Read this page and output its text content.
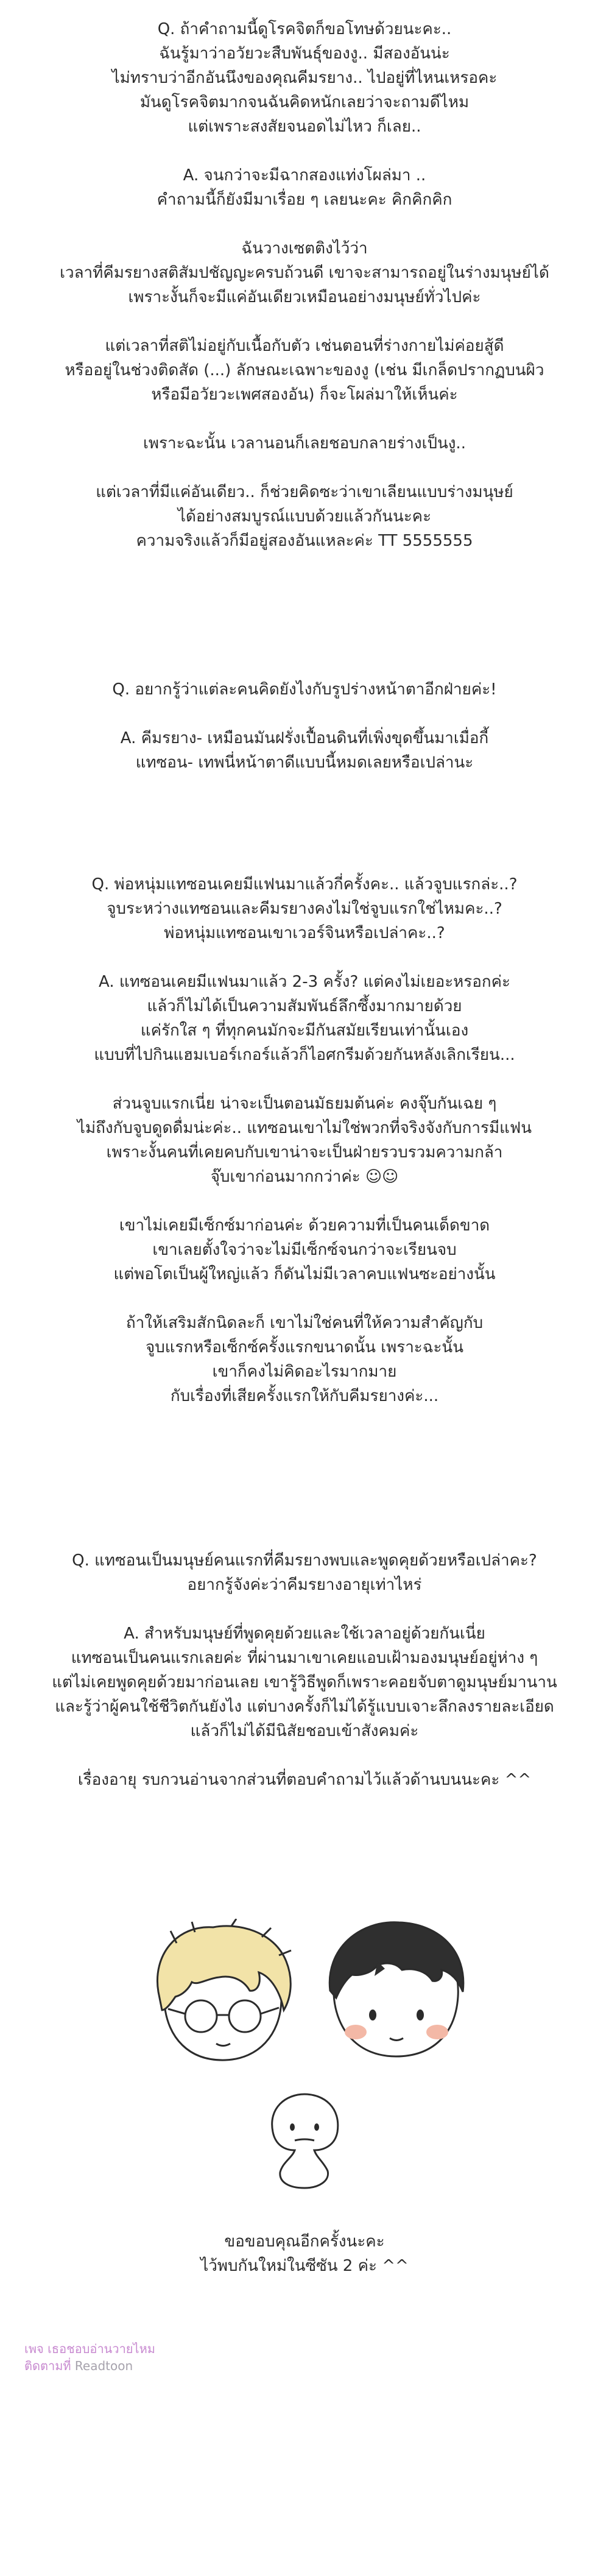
Q. ถ้าคำถามนี้ดูโรคจิตก็ขอโทษด้วยนะคะ..

ฉันรู้มาว่าอวัยวะสืบพันธุ์ของงู.. มีสองอันน่ะ

ไม่ทราบว่าอีกอันนึงของคุณคีมรยาง.. ไปอยู่ที่ไหนเหรอคะ

มันดูโรคจิตมากจนฉันคิดหนักเลยว่าจะถามดีไหม

แต่เพราะสงสัยจนอดไม่ไหว ก็เลย..

A. จนกว่าจะมีฉากสองแท่งโผล่มา ..

คำถามนี้ก็ยังมีมาเรื่อย ๆ เลยนะคะ คิกคิกคิก

ฉันวางเซตติงไว้ว่า

เวลาที่คีมรยางสติสัมปชัญญะครบถ้วนดี เขาจะสามารถอยู่ในร่างมนุษย์ได้

เพราะงั้นก็จะมีแค่อันเดียวเหมือนอย่างมนุษย์ทั่วไปค่ะ

แต่เวลาที่สติไม่อยู่กับเนื้อกับตัว เช่นตอนที่ร่างกายไม่ค่อยสู้ดี

หรืออยู่ในช่วงติดสัด (...) ลักษณะเฉพาะของงู (เช่น มีเกล็ดปรากฏบนผิว

หรือมีอวัยวะเพศสองอัน) ก็จะโผล่มาให้เห็นค่ะ

เพราะฉะนั้น เวลานอนก็เลยชอบกลายร่างเป็นงู..

แต่เวลาที่มีแค่อันเดียว.. ก็ช่วยคิดซะว่าเขาเลียนแบบร่างมนุษย์

ได้อย่างสมบูรณ์แบบด้วยแล้วกันนะคะ

ความจริงแล้วก็มีอยู่สองอันแหละค่ะ TT 5555555

Q. อยากรู้ว่าแต่ละคนคิดยังไงกับรูปร่างหน้าตาอีกฝ่ายค่ะ!

A. คีมรยาง- เหมือนมันฝรั่งเปื้อนดินที่เพิ่งขุดขึ้นมาเมื่อกี้

แทซอน- เทพนี่หน้าตาดีแบบนี้หมดเลยหรือเปล่านะ

Q. พ่อหนุ่มแทซอนเคยมีแฟนมาแล้วกี่ครั้งคะ.. แล้วจูบแรกล่ะ..?

จูบระหว่างแทซอนและคีมรยางคงไม่ใช่จูบแรกใช่ไหมคะ..?

พ่อหนุ่มแทซอนเขาเวอร์จินหรือเปล่าคะ..?

A. แทซอนเคยมีแฟนมาแล้ว 2-3 ครั้ง? แต่คงไม่เยอะหรอกค่ะ

แล้วก็ไม่ได้เป็นความสัมพันธ์ลึกซึ้งมากมายด้วย

แค่รักใส ๆ ที่ทุกคนมักจะมีกันสมัยเรียนเท่านั้นเอง

แบบที่ไปกินแฮมเบอร์เกอร์แล้วก็ไอศกรีมด้วยกันหลังเลิกเรียน...

ส่วนจูบแรกเนี่ย น่าจะเป็นตอนมัธยมต้นค่ะ คงจุ๊บกันเฉย ๆ

ไม่ถึงกับจูบดูดดื่มน่ะค่ะ.. แทซอนเขาไม่ใช่พวกที่จริงจังกับการมีแฟน

เพราะงั้นคนที่เคยคบกับเขาน่าจะเป็นฝ่ายรวบรวมความกล้า

จุ๊บเขาก่อนมากกว่าค่ะ ☺☺

เขาไม่เคยมีเซ็กซ์มาก่อนค่ะ ด้วยความที่เป็นคนเด็ดขาด

เขาเลยตั้งใจว่าจะไม่มีเซ็กซ์จนกว่าจะเรียนจบ

แต่พอโตเป็นผู้ใหญ่แล้ว ก็ดันไม่มีเวลาคบแฟนซะอย่างนั้น

ถ้าให้เสริมสักนิดละก็ เขาไม่ใช่คนที่ให้ความสำคัญกับ

จูบแรกหรือเซ็กซ์ครั้งแรกขนาดนั้น เพราะฉะนั้น

เขาก็คงไม่คิดอะไรมากมาย

กับเรื่องที่เสียครั้งแรกให้กับคีมรยางค่ะ...

Q. แทซอนเป็นมนุษย์คนแรกที่คีมรยางพบและพูดคุยด้วยหรือเปล่าคะ?

อยากรู้จังค่ะว่าคีมรยางอายุเท่าไหร่

A. สำหรับมนุษย์ที่พูดคุยด้วยและใช้เวลาอยู่ด้วยกันเนี่ย

แทซอนเป็นคนแรกเลยค่ะ ที่ผ่านมาเขาเคยแอบเฝ้ามองมนุษย์อยู่ห่าง ๆ

แต่ไม่เคยพูดคุยด้วยมาก่อนเลย เขารู้วิธีพูดก็เพราะคอยจับตาดูมนุษย์มานาน

และรู้ว่าผู้คนใช้ชีวิตกันยังไง แต่บางครั้งก็ไม่ได้รู้แบบเจาะลึกลงรายละเอียด

แล้วก็ไม่ได้มีนิสัยชอบเข้าสังคมค่ะ

เรื่องอายุ รบกวนอ่านจากส่วนที่ตอบคำถามไว้แล้วด้านบนนะคะ ^^

ขอขอบคุณอีกครั้งนะคะ

ไว้พบกันใหม่ในซีซัน 2 ค่ะ ^^

เพจ เธอชอบอ่านวายไหม
ติดตามที่ Readtoon
